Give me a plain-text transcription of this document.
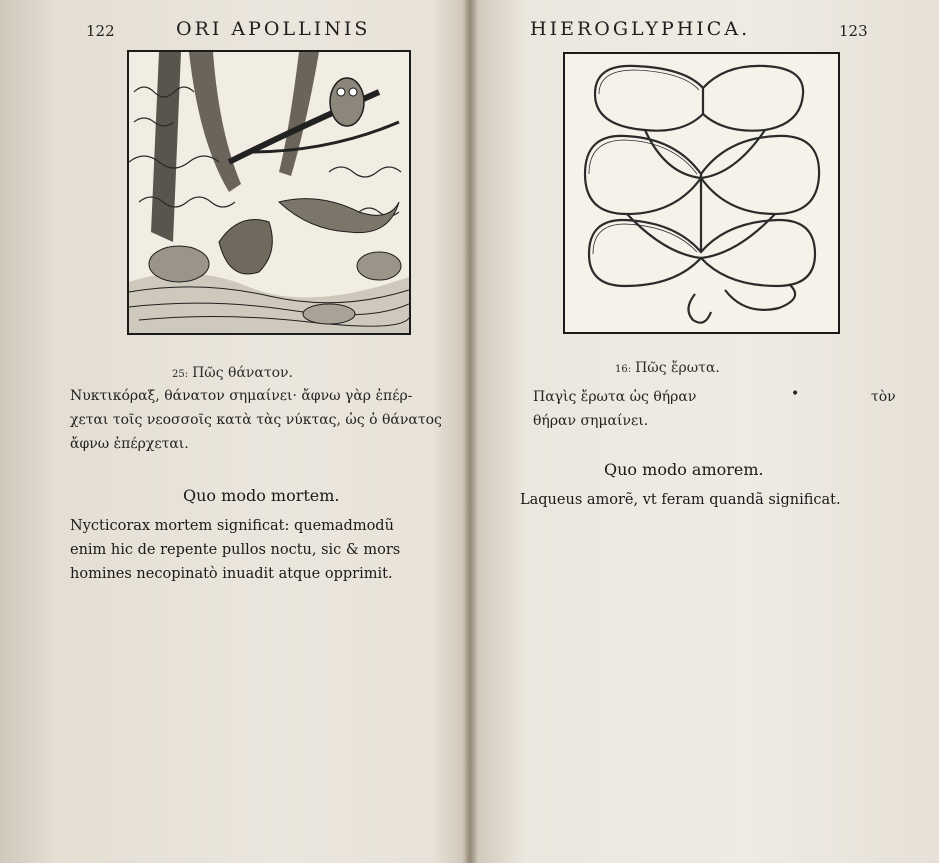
122	ORI APOLLINIS
25: Πῶς θάνατον.
Νυκτικόραξ, θάνατον σημαίνει· ἄφνω γὰρ ἐπέρ-
χεται τοῖς νεοσσοῖς κατὰ τὰς νύκτας, ὡς ὁ θάνατος
ἄφνω ἐπέρχεται.
Quo modo mortem.
Nycticorax mortem significat: quemadmodũ
enim hic de repente pullos noctu, sic & mors
homines necopinatò inuadit atque opprimit.
HIEROGLYPHICA.	123
16: Πῶς ἔρωτα.
Παγὶς ἔρωτα ὡς θήραν
θήραν σημαίνει.
•	τὸν
Quo modo amorem.
Laqueus amorẽ, vt feram quandã significat.
